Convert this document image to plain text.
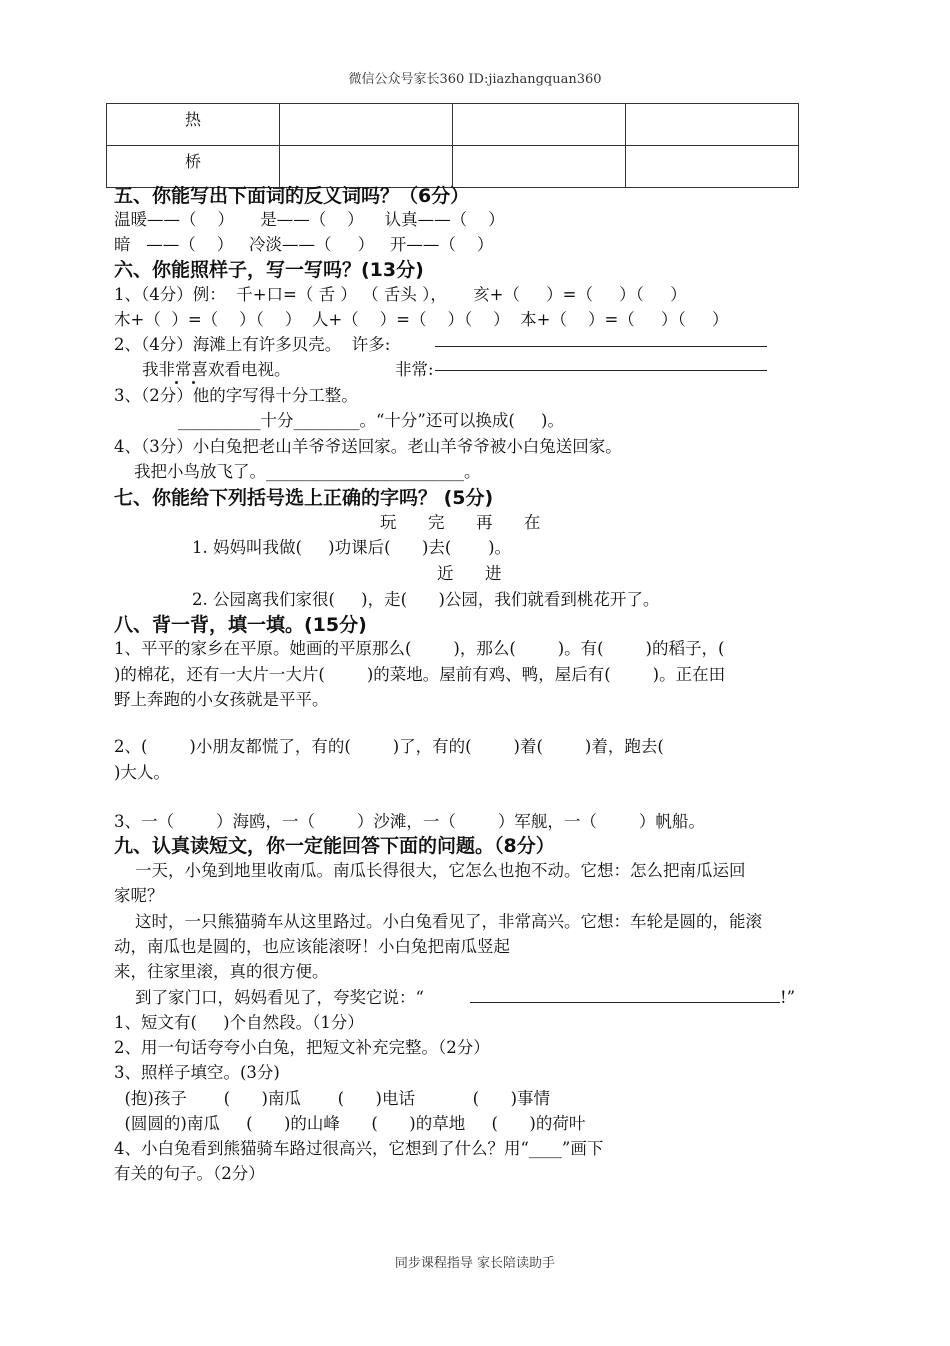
微信公众号家长360 ID:jiazhangquan360
热			
桥			
五、你能写出下面词的反义词吗？（6分）
温暖——（    ）     是——（    ）    认真——（    ）
暗   ——（    ）   冷淡——（     ）   开——（    ）
六、你能照样子，写一写吗？(13分)
1、（4分）例：  千+口=（ 舌 ） （ 舌头 ），     亥+（     ）=（     ）（     ）
木+（  ）=（    ）（    ）  人+（    ）=（    ）（    ）  本+（    ）=（     ）（     ）
2、（4分）海滩上有许多贝壳。  许多:
我非常喜欢看电视。	非常:
3、（2分）他的字写得十分工整。
__________十分________。“十分”还可以换成(     )。
4、（3分）小白兔把老山羊爷爷送回家。老山羊爷爷被小白兔送回家。
我把小鸟放飞了。________________________。
七、你能给下列括号选上正确的字吗？ (5分)
玩      完      再      在
1. 妈妈叫我做(     )功课后(      )去(       )。
近      进
2. 公园离我们家很(     )，走(      )公园，我们就看到桃花开了。
八、背一背，填一填。(15分)
1、平平的家乡在平原。她画的平原那么(        )，那么(        )。有(        )的稻子，(
)的棉花，还有一大片一大片(        )的菜地。屋前有鸡、鸭，屋后有(        )。正在田
野上奔跑的小女孩就是平平。
2、(        )小朋友都慌了，有的(        )了，有的(        )着(        )着，跑去(
)大人。
3、一（        ）海鸥，一（        ）沙滩，一（        ）军舰，一（        ）帆船。
九、认真读短文，你一定能回答下面的问题。（8分）
一天，小兔到地里收南瓜。南瓜长得很大，它怎么也抱不动。它想：怎么把南瓜运回
家呢？
这时，一只熊猫骑车从这里路过。小白兔看见了，非常高兴。它想：车轮是圆的，能滚
动，南瓜也是圆的，也应该能滚呀！小白兔把南瓜竖起
来，往家里滚，真的很方便。
到了家门口，妈妈看见了，夸奖它说：“	!”
1、短文有(     )个自然段。（1分）
2、用一句话夸夸小白兔，把短文补充完整。（2分）
3、照样子填空。(3分)
(抱)孩子       (      )南瓜       (      )电话           (      )事情
(圆圆的)南瓜     (      )的山峰      (      )的草地     (      )的荷叶
4、小白兔看到熊猫骑车路过很高兴，它想到了什么？用“____”画下
有关的句子。（2分）
同步课程指导 家长陪读助手
